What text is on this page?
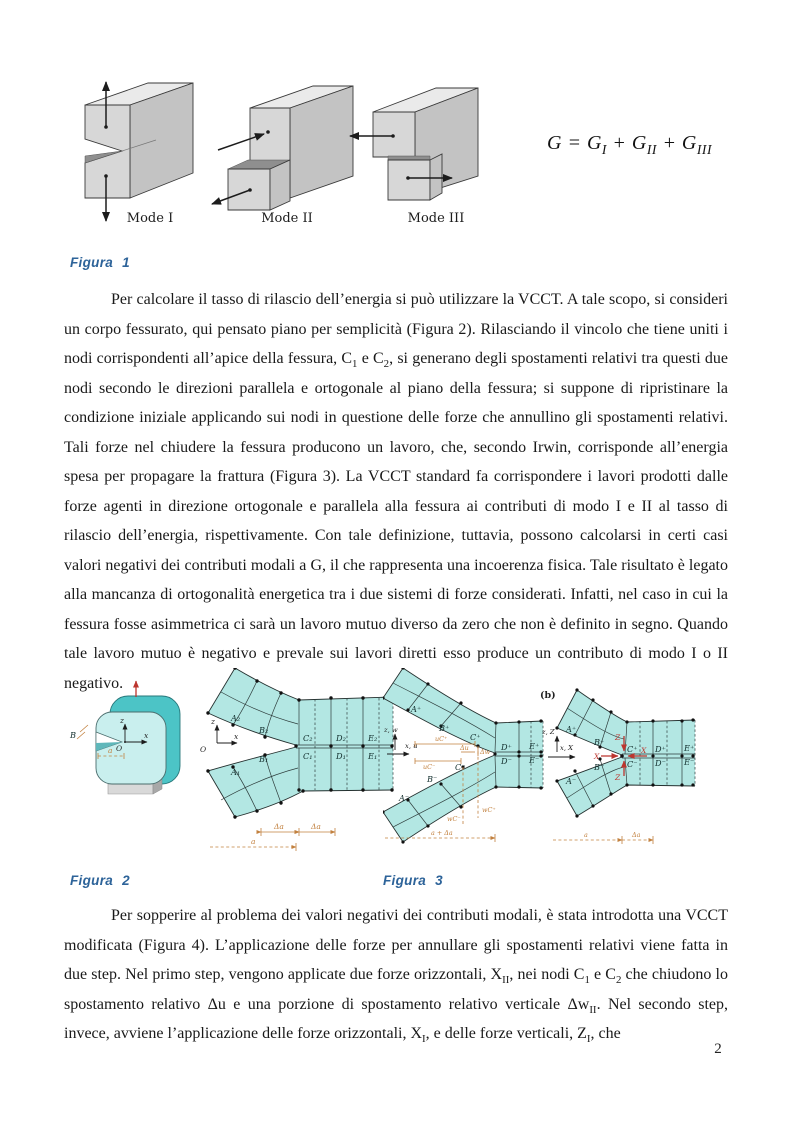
Mode I	Mode II	Mode III
$G = G_I + G_{II} + G_{III}$
Figura 1

Per calcolare il tasso di rilascio dell’energia si può utilizzare la VCCT. A tale scopo, si consideri un corpo fessurato, qui pensato piano per semplicità (Figura 2). Rilasciando il vincolo che tiene uniti i nodi corrispondenti all’apice della fessura, $C_1$ e $C_2$, si generano degli spostamenti relativi tra questi due nodi secondo le direzioni parallela e ortogonale al piano della fessura; si suppone di ripristinare la condizione iniziale applicando sui nodi in questione delle forze che annullino gli spostamenti relativi. Tali forze nel chiudere la fessura producono un lavoro, che, secondo Irwin, corrisponde all’energia spesa per propagare la frattura (Figura 3). La VCCT standard fa corrispondere i lavori prodotti dalle forze agenti in direzione ortogonale e parallela alla fessura ai contributi di modo I e II al tasso di rilascio dell’energia, rispettivamente. Con tale definizione, tuttavia, possono calcolarsi in certi casi valori negativi dei contributi modali a G, il che rappresenta una incoerenza fisica. Tale risultato è legato alla mancanza di ortogonalità energetica tra i due sistemi di forze considerati. Infatti, nel caso in cui la fessura fosse asimmetrica ci sarà un lavoro mutuo diverso da zero che non è definito in segno. Quando tale lavoro mutuo è negativo e prevale sui lavori diretti esso produce un contributo di modo I o II negativo.

z
x
O
a
B
A₂
B₂
C₂	D₂	E₂
C₁	D₁	E₁
B₁
A₁
z
x
O
Δa	Δa
a
A⁺
B⁺
C⁺
D⁺ E⁺
D⁻ E⁻
C⁻
B⁻
A⁻
z, w
x, u
uC⁺
uC⁻
Δu Δw
wC⁺
wC⁻
a + Δa
(b)
A⁺
B⁺
C⁺ D⁺ E⁺
C⁻ D⁻ E⁻
B⁻
A⁻
Z
Z
X
X
z, Z
x, X
a	Δa
Figura 2	Figura 3

Per sopperire al problema dei valori negativi dei contributi modali, è stata introdotta una VCCT modificata (Figura 4). L’applicazione delle forze per annullare gli spostamenti relativi viene fatta in due step. Nel primo step, vengono applicate due forze orizzontali, $X_{II}$, nei nodi $C_1$ e $C_2$ che chiudono lo spostamento relativo Δu e una porzione di spostamento relativo verticale $\Delta w_{II}$. Nel secondo step, invece, avviene l’applicazione delle forze orizzontali, $X_I$, e delle forze verticali, $Z_I$, che

2
